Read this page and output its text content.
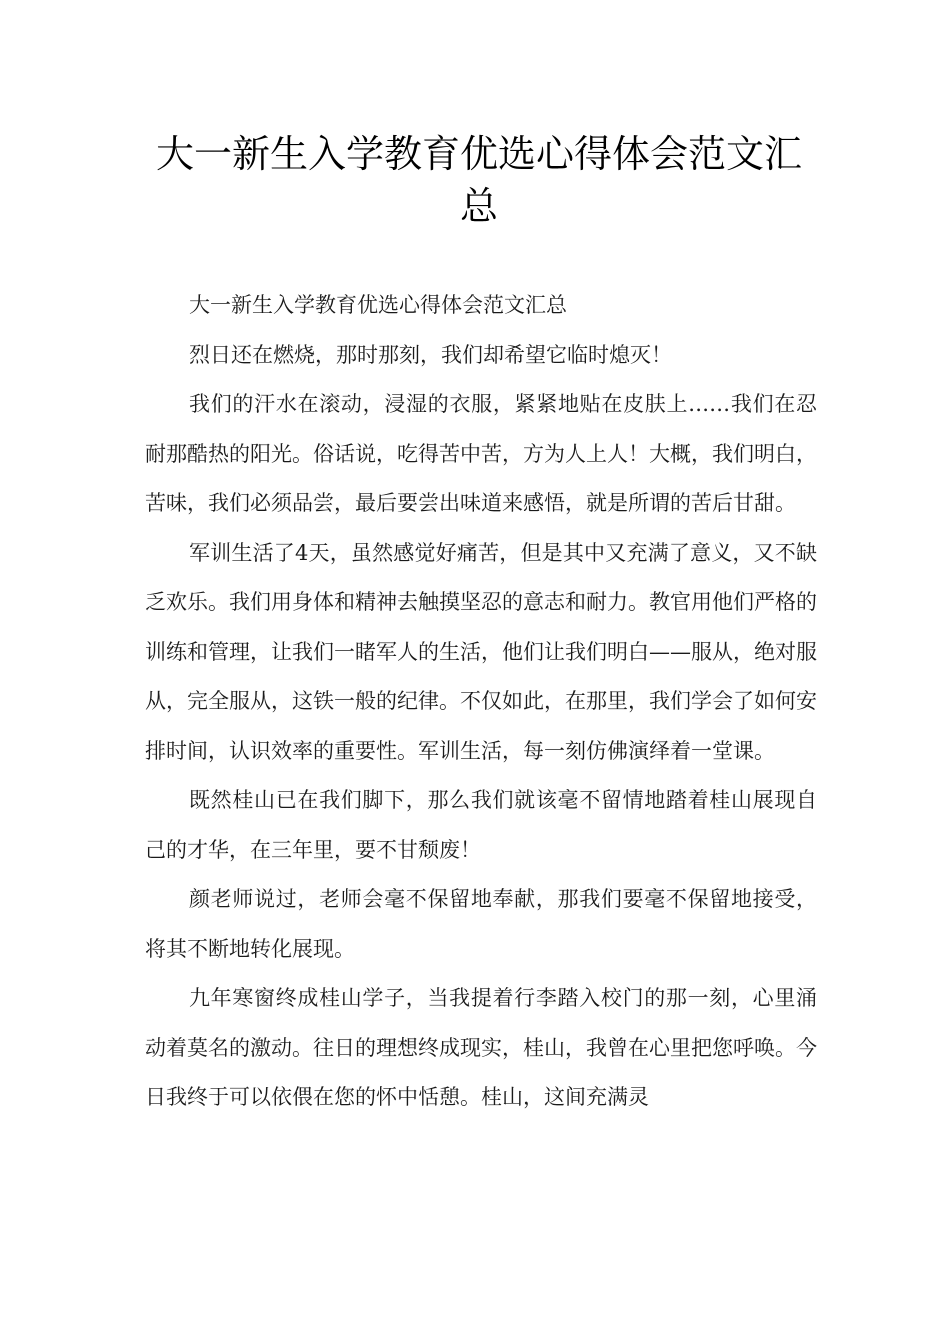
大一新生入学教育优选心得体会范文汇总

大一新生入学教育优选心得体会范文汇总

烈日还在燃烧，那时那刻，我们却希望它临时熄灭！

我们的汗水在滚动，浸湿的衣服，紧紧地贴在皮肤上……我们在忍耐那酷热的阳光。俗话说，吃得苦中苦，方为人上人！大概，我们明白，苦味，我们必须品尝，最后要尝出味道来感悟，就是所谓的苦后甘甜。

军训生活了4天，虽然感觉好痛苦，但是其中又充满了意义，又不缺乏欢乐。我们用身体和精神去触摸坚忍的意志和耐力。教官用他们严格的训练和管理，让我们一睹军人的生活，他们让我们明白——服从，绝对服从，完全服从，这铁一般的纪律。不仅如此，在那里，我们学会了如何安排时间，认识效率的重要性。军训生活，每一刻仿佛演绎着一堂课。

既然桂山已在我们脚下，那么我们就该毫不留情地踏着桂山展现自己的才华，在三年里，要不甘颓废！

颜老师说过，老师会毫不保留地奉献，那我们要毫不保留地接受，将其不断地转化展现。

九年寒窗终成桂山学子，当我提着行李踏入校门的那一刻，心里涌动着莫名的激动。往日的理想终成现实，桂山，我曾在心里把您呼唤。今日我终于可以依偎在您的怀中恬憩。桂山，这间充满灵
